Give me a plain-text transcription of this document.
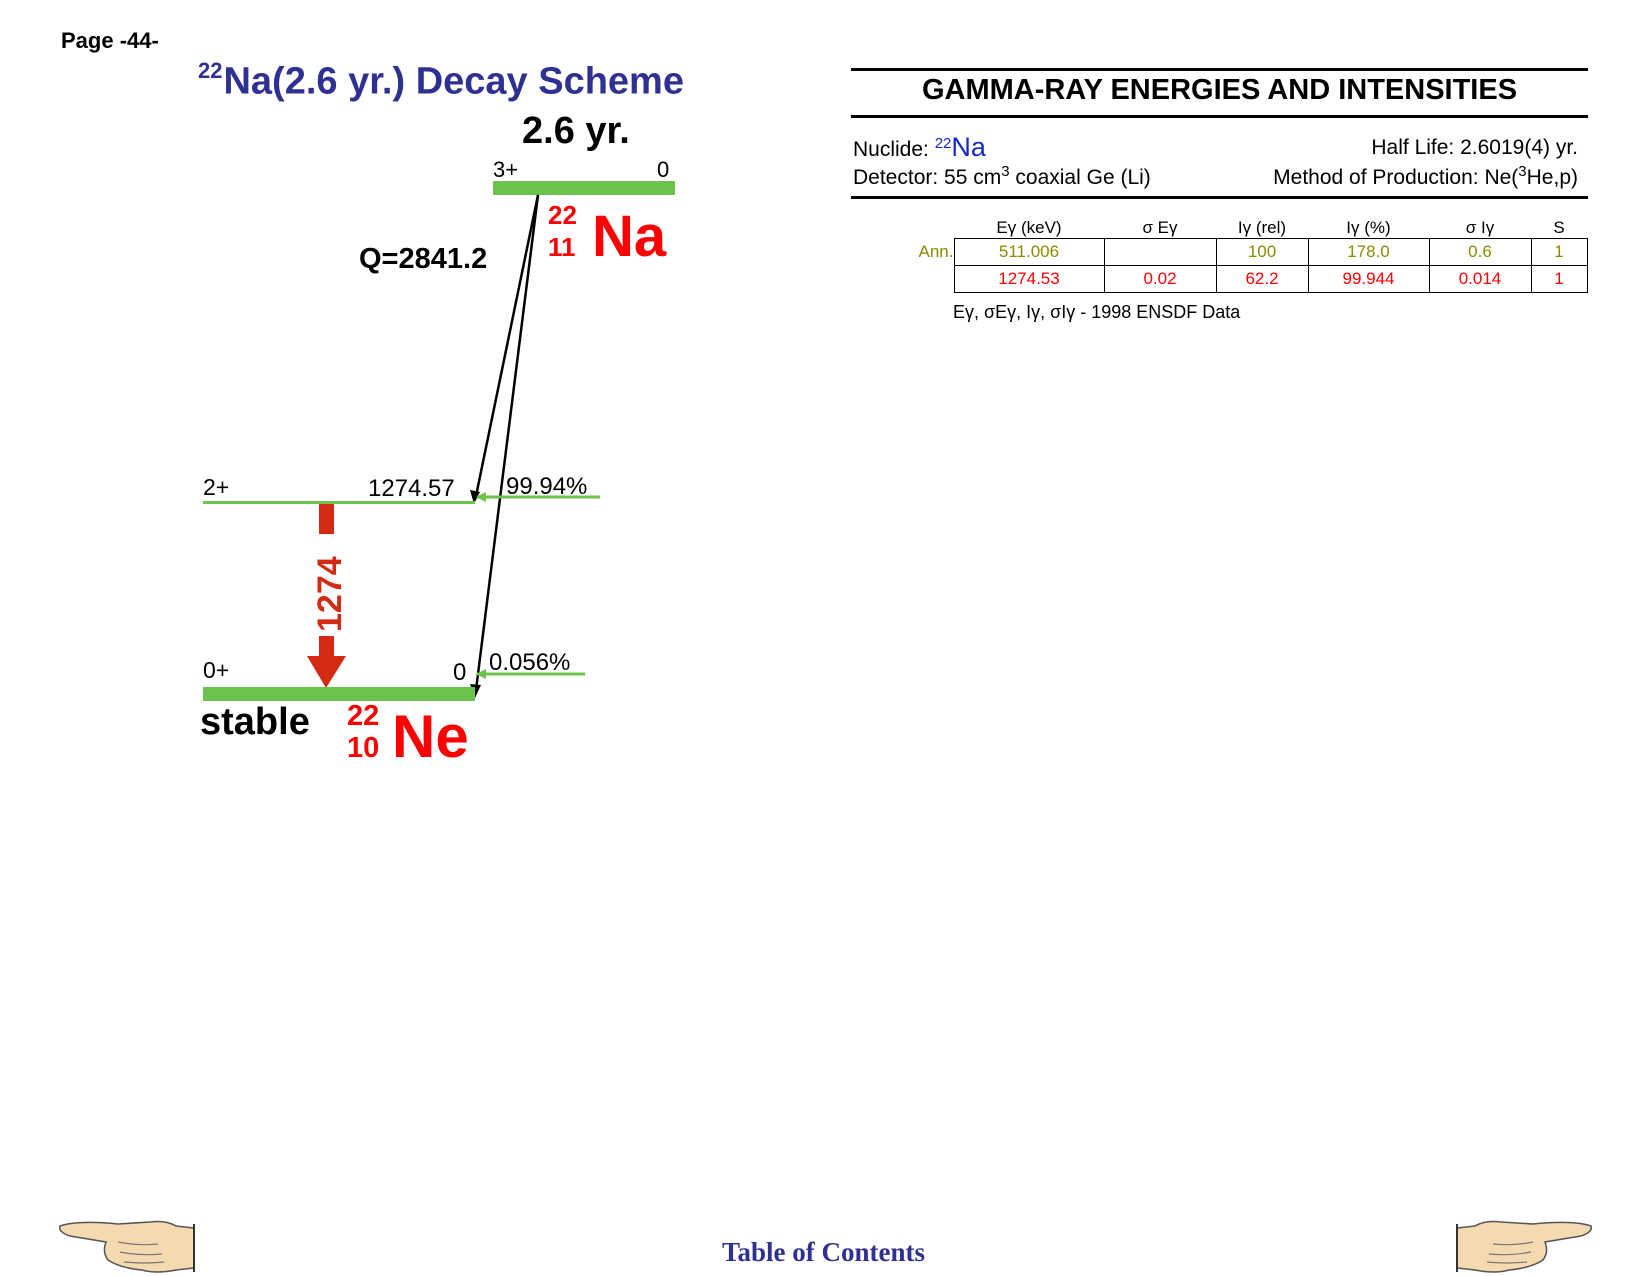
Page -44-
$^{22}$Na(2.6 yr.) Decay Scheme
2.6 yr.
3+	0
22
11 Na
Q=2841.2
2+	1274.57 99.94%
1274
0+	0 0.056%
stable 22
10 Ne
GAMMA-RAY ENERGIES AND INTENSITIES
Nuclide: $^{22}$Na	Half Life: 2.6019(4) yr.
Detector: 55 $cm^3$ coaxial Ge (Li)	Method of Production: Ne($^3$He,p)
	Eγ (keV)	σ Eγ	Iγ (rel)	Iγ (%)	σ Iγ	S
Ann.	511.006		100	178.0	0.6	1
	1274.53	0.02	62.2	99.944	0.014	1
Eγ, σEγ, Iγ, σIγ - 1998 ENSDF Data
Table of Contents
